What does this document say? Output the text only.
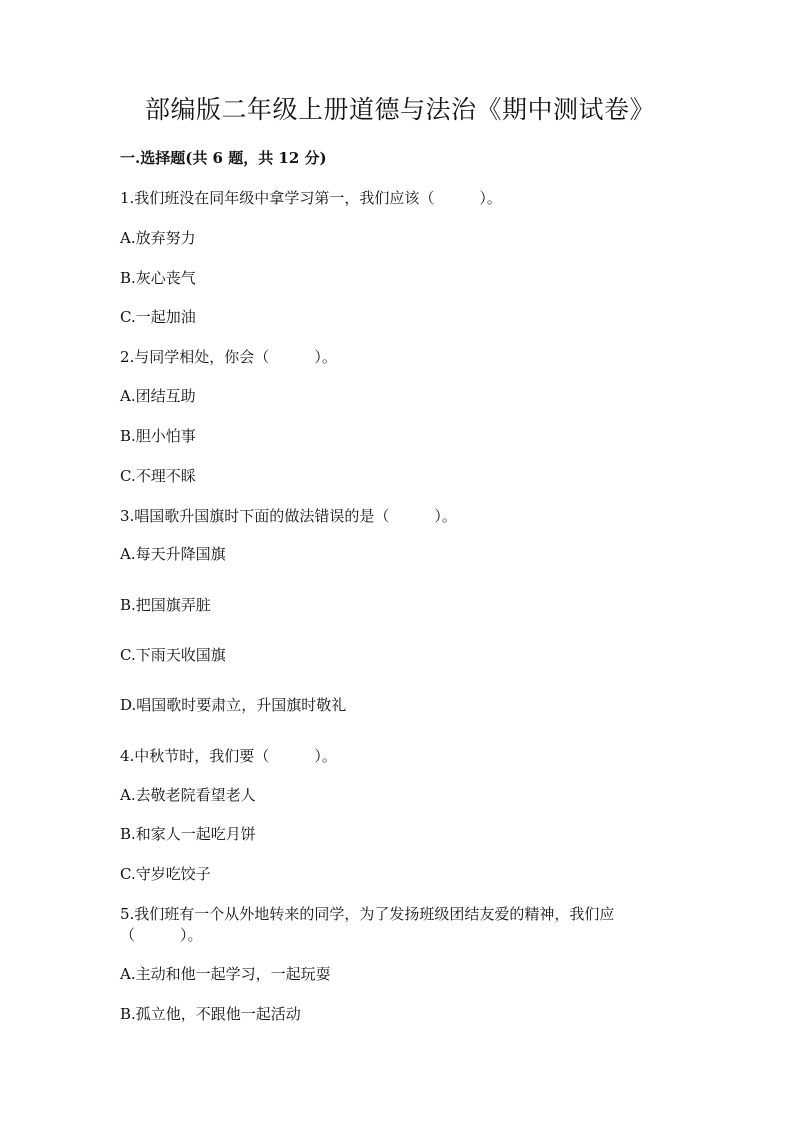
部编版二年级上册道德与法治《期中测试卷》
一.选择题(共 6 题，共 12 分)
1.我们班没在同年级中拿学习第一，我们应该（　　　）。
A.放弃努力
B.灰心丧气
C.一起加油
2.与同学相处，你会（　　　）。
A.团结互助
B.胆小怕事
C.不理不睬
3.唱国歌升国旗时下面的做法错误的是（　　　）。
A.每天升降国旗
B.把国旗弄脏
C.下雨天收国旗
D.唱国歌时要肃立，升国旗时敬礼
4.中秋节时，我们要（　　　）。
A.去敬老院看望老人
B.和家人一起吃月饼
C.守岁吃饺子
5.我们班有一个从外地转来的同学，为了发扬班级团结友爱的精神，我们应
（　　　）。
A.主动和他一起学习，一起玩耍
B.孤立他，不跟他一起活动
